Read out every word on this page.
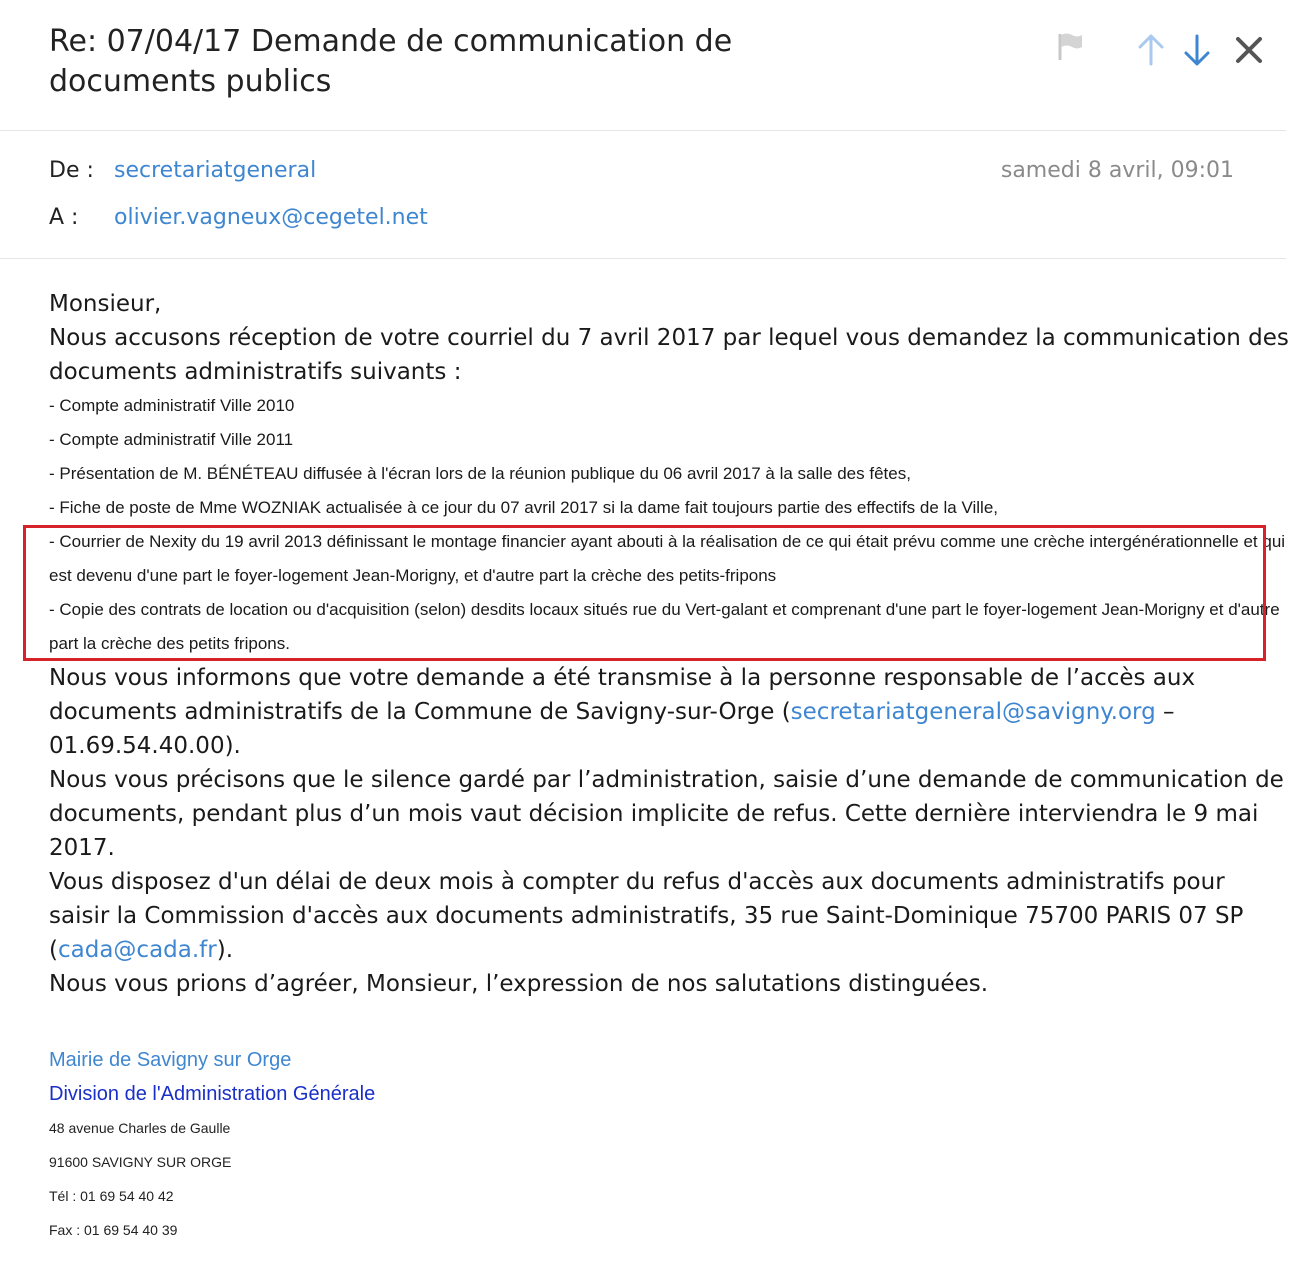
Re: 07/04/17 Demande de communication de documents publics
De : secretariatgeneral	samedi 8 avril, 09:01
A : olivier.vagneux@cegetel.net

Monsieur,

Nous accusons réception de votre courriel du 7 avril 2017 par lequel vous demandez la communication des documents administratifs suivants :

- Compte administratif Ville 2010

- Compte administratif Ville 2011

- Présentation de M. BÉNÉTEAU diffusée à l'écran lors de la réunion publique du 06 avril 2017 à la salle des fêtes,

- Fiche de poste de Mme WOZNIAK actualisée à ce jour du 07 avril 2017 si la dame fait toujours partie des effectifs de la Ville,

- Courrier de Nexity du 19 avril 2013 définissant le montage financier ayant abouti à la réalisation de ce qui était prévu comme une crèche intergénérationnelle et qui est devenu d'une part le foyer-logement Jean-Morigny, et d'autre part la crèche des petits-fripons

- Copie des contrats de location ou d'acquisition (selon) desdits locaux situés rue du Vert-galant et comprenant d'une part le foyer-logement Jean-Morigny et d'autre part la crèche des petits fripons.

Nous vous informons que votre demande a été transmise à la personne responsable de l’accès aux documents administratifs de la Commune de Savigny-sur-Orge (secretariatgeneral@savigny.org – 01.69.54.40.00).

Nous vous précisons que le silence gardé par l’administration, saisie d’une demande de communication de documents, pendant plus d’un mois vaut décision implicite de refus. Cette dernière interviendra le 9 mai 2017.

Vous disposez d'un délai de deux mois à compter du refus d'accès aux documents administratifs pour saisir la Commission d'accès aux documents administratifs, 35 rue Saint-Dominique 75700 PARIS 07 SP (cada@cada.fr).

Nous vous prions d’agréer, Monsieur, l’expression de nos salutations distinguées.

Mairie de Savigny sur Orge

Division de l'Administration Générale

48 avenue Charles de Gaulle

91600 SAVIGNY SUR ORGE

Tél : 01 69 54 40 42

Fax : 01 69 54 40 39
